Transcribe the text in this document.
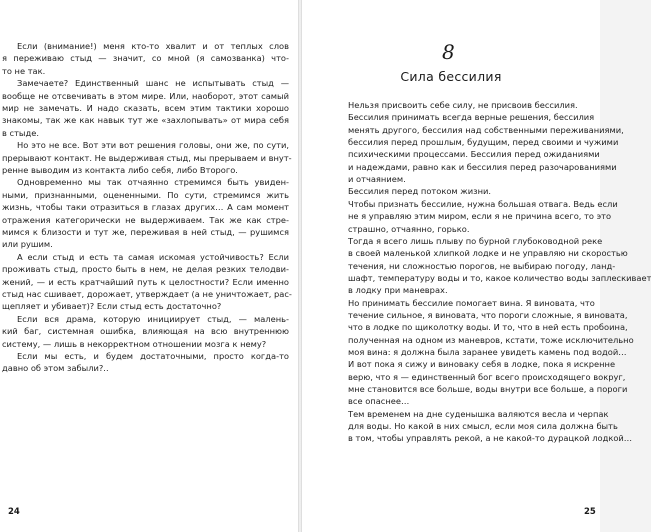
Если (внимание!) меня кто-то хвалит и от теплых слов
я переживаю стыд — значит, со мной (я самозванка) что-
то не так.
Замечаете? Единственный шанс не испытывать стыд —
вообще не отсвечивать в этом мире. Или, наоборот, этот самый
мир не замечать. И надо сказать, всем этим тактики хорошо
знакомы, так же как навык тут же «захлопывать» от мира себя
в стыде.
Но это не все. Вот эти вот решения головы, они же, по сути,
прерывают контакт. Не выдерживая стыд, мы прерываем и внут-
ренне выводим из контакта либо себя, либо Второго.
Одновременно мы так отчаянно стремимся быть увиден-
ными, признанными, оцененными. По сути, стремимся жить
жизнь, чтобы таки отразиться в глазах других… А сам момент
отражения категорически не выдерживаем. Так же как стре-
мимся к близости и тут же, переживая в ней стыд, — рушимся
или рушим.
А если стыд и есть та самая искомая устойчивость? Если
проживать стыд, просто быть в нем, не делая резких телодви-
жений, — и есть кратчайший путь к целостности? Если именно
стыд нас сшивает, дорожает, утверждает (а не уничтожает, рас-
щепляет и убивает)? Если стыд есть достаточно?
Если вся драма, которую инициирует стыд, — малень-
кий баг, системная ошибка, влияющая на всю внутреннюю
систему, — лишь в некорректном отношении мозга к нему?
Если мы есть, и будем достаточными, просто когда-то
давно об этом забыли?..
24
8
Сила бессилия
Нельзя присвоить себе силу, не присвоив бессилия.
Бессилия принимать всегда верные решения, бессилия
менять другого, бессилия над собственными переживаниями,
бессилия перед прошлым, будущим, перед своими и чужими
психическими процессами. Бессилия перед ожиданиями
и надеждами, равно как и бессилия перед разочарованиями
и отчаянием.
Бессилия перед потоком жизни.
Чтобы признать бессилие, нужна большая отвага. Ведь если
не я управляю этим миром, если я не причина всего, то это
страшно, отчаянно, горько.
Тогда я всего лишь плыву по бурной глубоководной реке
в своей маленькой хлипкой лодке и не управляю ни скоростью
течения, ни сложностью порогов, не выбираю погоду, ланд-
шафт, температуру воды и то, какое количество воды заплескивает
в лодку при маневрах.
Но принимать бессилие помогает вина. Я виновата, что
течение сильное, я виновата, что пороги сложные, я виновата,
что в лодке по щиколотку воды. И то, что в ней есть пробоина,
полученная на одном из маневров, кстати, тоже исключительно
моя вина: я должна была заранее увидеть камень под водой…
И вот пока я сижу и виноваку себя в лодке, пока я искренне
верю, что я — единственный бог всего происходящего вокруг,
мне становится все больше, воды внутри все больше, а пороги
все опаснее…
Тем временем на дне суденышка валяются весла и черпак
для воды. Но какой в них смысл, если моя сила должна быть
в том, чтобы управлять рекой, а не какой-то дурацкой лодкой…
25
